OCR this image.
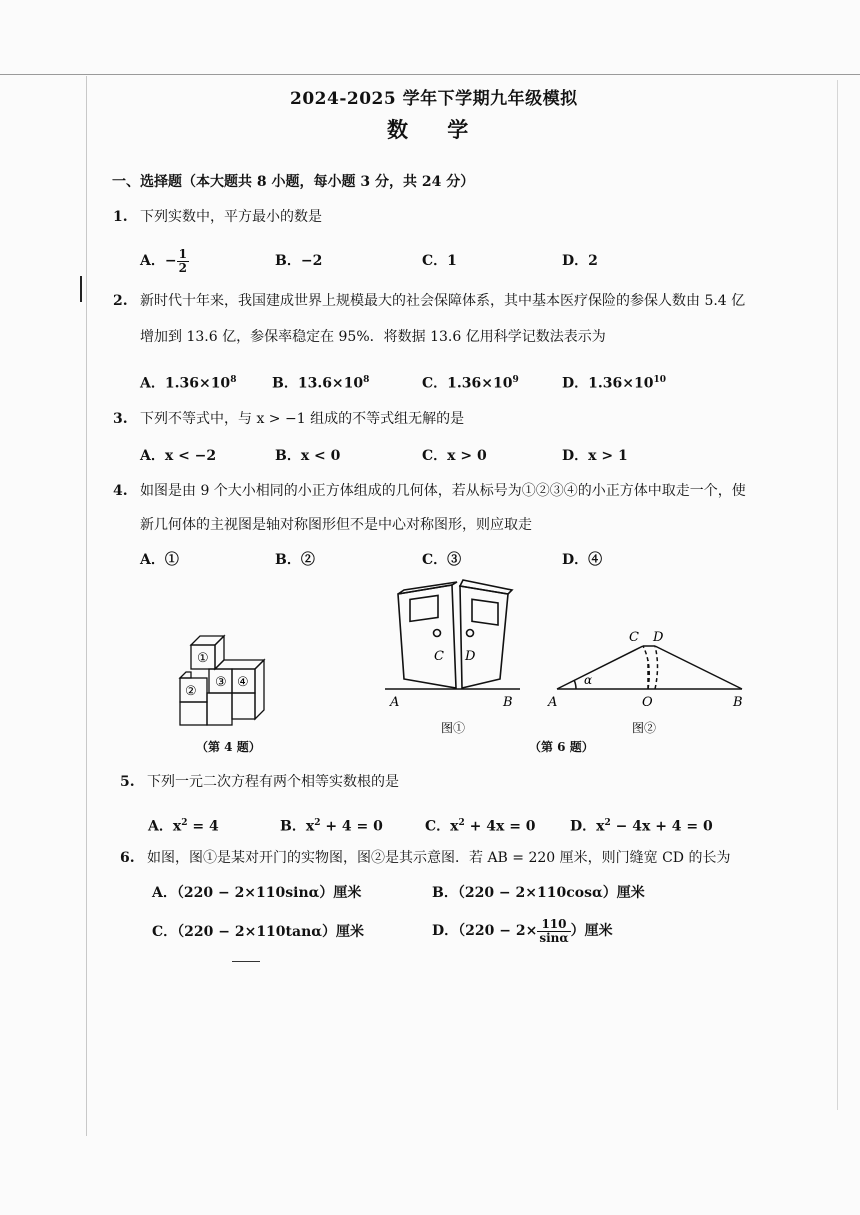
2024-2025 学年下学期九年级模拟
数 学
一、选择题（本大题共 8 小题，每小题 3 分，共 24 分）
1. 下列实数中，平方最小的数是
A．− $\frac{1}{2}$	B．−2	C．1	D．2
2. 新时代十年来，我国建成世界上规模最大的社会保障体系，其中基本医疗保险的参保人数由 5.4 亿
增加到 13.6 亿，参保率稳定在 95%．将数据 13.6 亿用科学记数法表示为
A．$1.36\times 10^8$	B．$13.6\times 10^8$	C．$1.36\times 10^9$	D．$1.36\times 10^{10}$
3. 下列不等式中，与 x > −1 组成的不等式组无解的是
A．x < −2	B．x < 0	C．x > 0	D．x > 1
4. 如图是由 9 个大小相同的小正方体组成的几何体，若从标号为①②③④的小正方体中取走一个，使
新几何体的主视图是轴对称图形但不是中心对称图形，则应取走
A．①	B．②	C．③	D．④
①
②
③ ④
C D
A	B
图①
C D
α
A	O	B
图②
（第 4 题）	（第 6 题）
5. 下列一元二次方程有两个相等实数根的是
A．$x^2 = 4$	B．$x^2 + 4 = 0$	C．$x^2 + 4x = 0$ D．$x^2 - 4x + 4 = 0$
6. 如图，图①是某对开门的实物图，图②是其示意图．若 AB = 220 厘米，则门缝宽 CD 的长为
A．（220 − 2×110sinα）厘米	B．（220 − 2×110cosα）厘米
C．（220 − 2×110tanα）厘米	D．（$220 - 2\times \frac{110}{\sin\alpha}$ ）厘米
